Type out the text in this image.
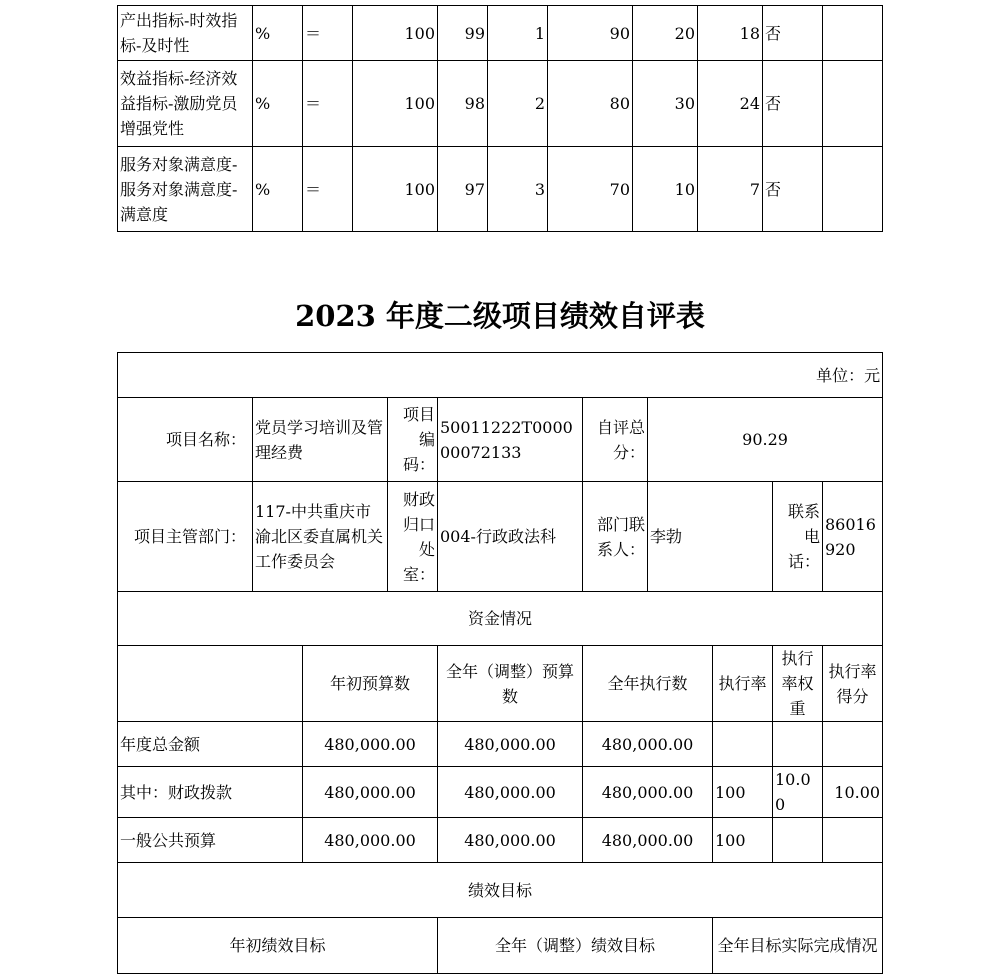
产出指标-时效指标-及时性	%	＝	100	99	1	90	20	18	否	
效益指标-经济效益指标-激励党员增强党性	%	＝	100	98	2	80	30	24	否	
服务对象满意度-服务对象满意度-满意度	%	＝	100	97	3	70	10	7	否	
2023 年度二级项目绩效自评表
单位：元									
项目名称：	党员学习培训及管理经费		项目编码：	50011222T000000072133	自评总分：	90.29			
项目主管部门：	117-中共重庆市渝北区委直属机关工作委员会		财政归口处室：	004-行政政法科	部门联系人：	李勃		联系电话：	86016920
资金情况									
		年初预算数		全年（调整）预算数	全年执行数		执行率	执行率权重	执行率得分
年度总金额		480,000.00		480,000.00	480,000.00				
其中：财政拨款		480,000.00		480,000.00	480,000.00		100	10.00	10.00
一般公共预算		480,000.00		480,000.00	480,000.00		100		
绩效目标									
年初绩效目标				全年（调整）绩效目标			全年目标实际完成情况		
